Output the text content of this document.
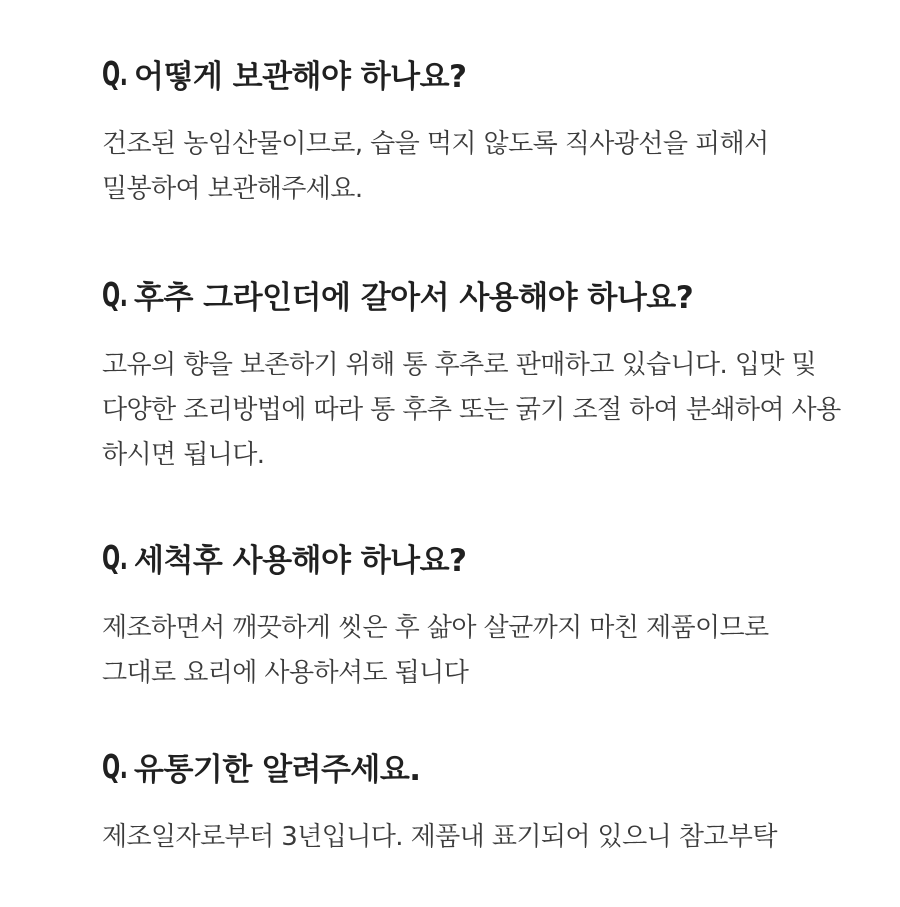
Q. 어떻게 보관해야 하나요?

건조된 농임산물이므로, 습을 먹지 않도록 직사광선을 피해서
밀봉하여 보관해주세요.

Q. 후추 그라인더에 갈아서 사용해야 하나요?

고유의 향을 보존하기 위해 통 후추로 판매하고 있습니다. 입맛 및
다양한 조리방법에 따라 통 후추 또는 굵기 조절 하여 분쇄하여 사용
하시면 됩니다.

Q. 세척후 사용해야 하나요?

제조하면서 깨끗하게 씻은 후 삶아 살균까지 마친 제품이므로
그대로 요리에 사용하셔도 됩니다

Q. 유통기한 알려주세요.

제조일자로부터 3년입니다. 제품내 표기되어 있으니 참고부탁
